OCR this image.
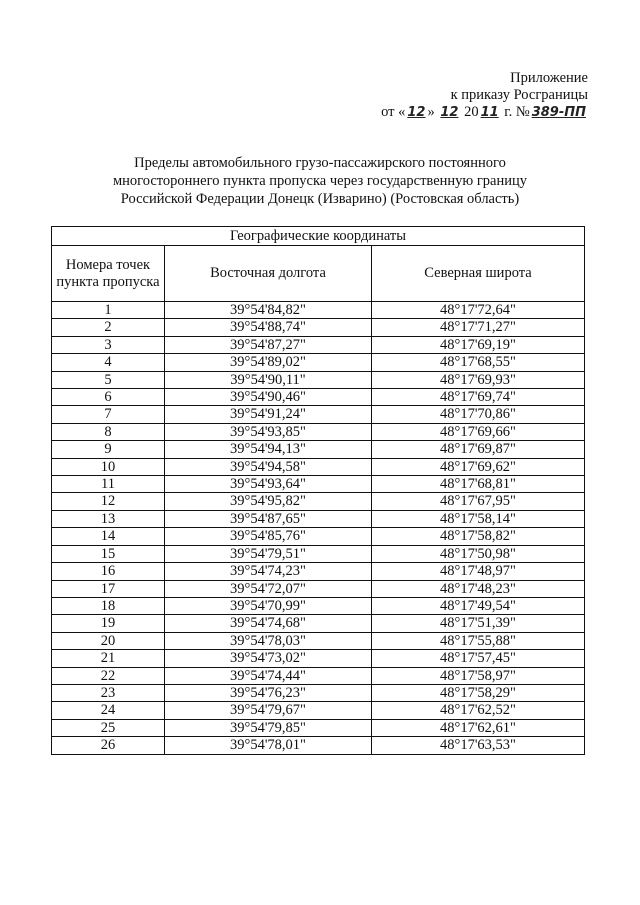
Приложение
к приказу Росграницы
от « 12 » 12 20 11 г. № 389-ПП
Пределы автомобильного грузо-пассажирского постоянного
многостороннего пункта пропуска через государственную границу
Российской Федерации Донецк (Изварино) (Ростовская область)
Географические координаты		
Номера точек пункта пропуска	Восточная долгота	Северная широта
1	39°54'84,82"	48°17'72,64"
2	39°54'88,74"	48°17'71,27"
3	39°54'87,27"	48°17'69,19"
4	39°54'89,02"	48°17'68,55"
5	39°54'90,11"	48°17'69,93"
6	39°54'90,46"	48°17'69,74"
7	39°54'91,24"	48°17'70,86"
8	39°54'93,85"	48°17'69,66"
9	39°54'94,13"	48°17'69,87"
10	39°54'94,58"	48°17'69,62"
11	39°54'93,64"	48°17'68,81"
12	39°54'95,82"	48°17'67,95"
13	39°54'87,65"	48°17'58,14"
14	39°54'85,76"	48°17'58,82"
15	39°54'79,51"	48°17'50,98"
16	39°54'74,23"	48°17'48,97"
17	39°54'72,07"	48°17'48,23"
18	39°54'70,99"	48°17'49,54"
19	39°54'74,68"	48°17'51,39"
20	39°54'78,03"	48°17'55,88"
21	39°54'73,02"	48°17'57,45"
22	39°54'74,44"	48°17'58,97"
23	39°54'76,23"	48°17'58,29"
24	39°54'79,67"	48°17'62,52"
25	39°54'79,85"	48°17'62,61"
26	39°54'78,01"	48°17'63,53"
